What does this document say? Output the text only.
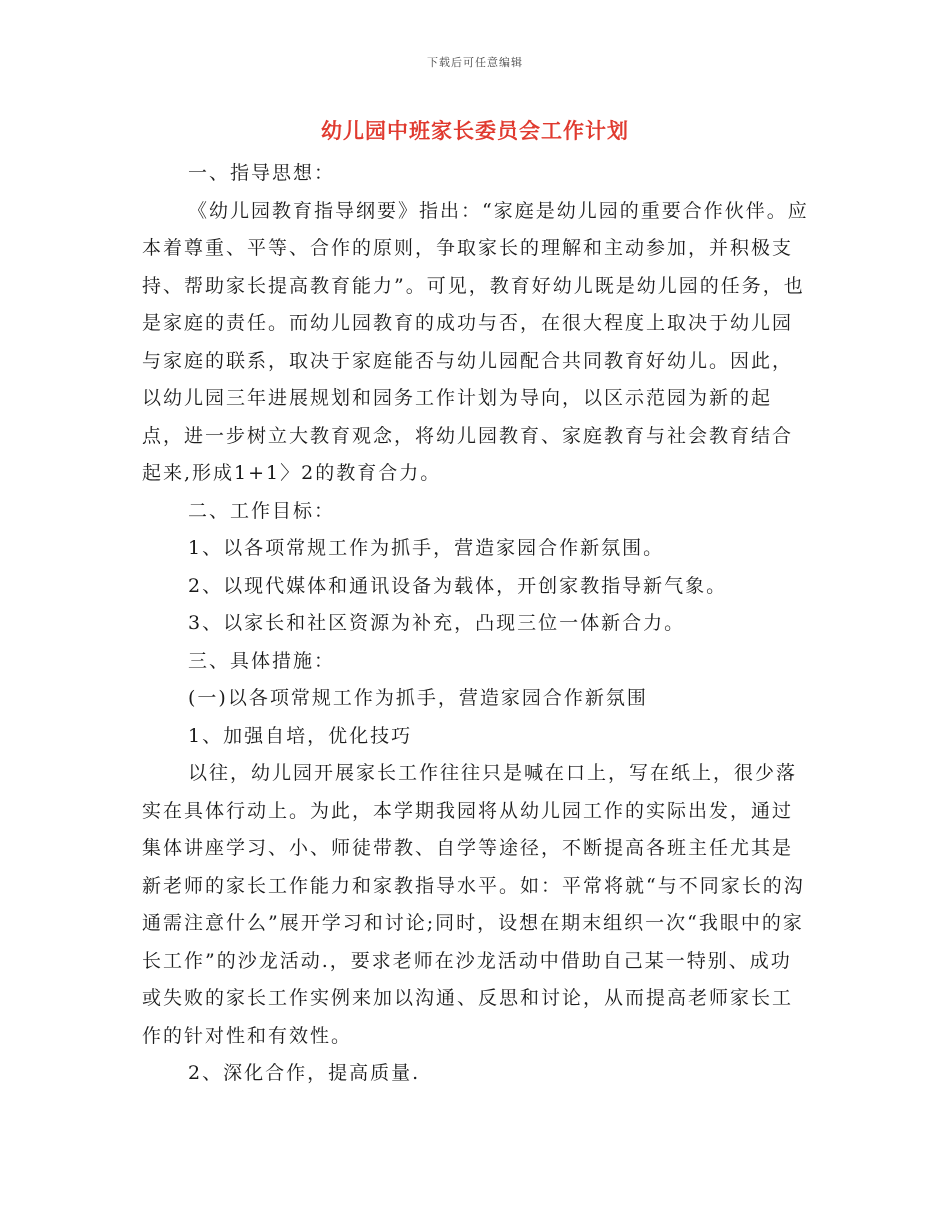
下载后可任意编辑
幼儿园中班家长委员会工作计划

一、指导思想：

《幼儿园教育指导纲要》指出：“家庭是幼儿园的重要合作伙伴。应本着尊重、平等、合作的原则，争取家长的理解和主动参加，并积极支持、帮助家长提高教育能力”。可见，教育好幼儿既是幼儿园的任务，也是家庭的责任。而幼儿园教育的成功与否，在很大程度上取决于幼儿园与家庭的联系，取决于家庭能否与幼儿园配合共同教育好幼儿。因此，以幼儿园三年进展规划和园务工作计划为导向，以区示范园为新的起点，进一步树立大教育观念，将幼儿园教育、家庭教育与社会教育结合起来,形成1+1〉2的教育合力。

二、工作目标：

1、以各项常规工作为抓手，营造家园合作新氛围。

2、以现代媒体和通讯设备为载体，开创家教指导新气象。

3、以家长和社区资源为补充，凸现三位一体新合力。

三、具体措施：

(一)以各项常规工作为抓手，营造家园合作新氛围

1、加强自培，优化技巧

以往，幼儿园开展家长工作往往只是喊在口上，写在纸上，很少落实在具体行动上。为此，本学期我园将从幼儿园工作的实际出发，通过集体讲座学习、小、师徒带教、自学等途径，不断提高各班主任尤其是新老师的家长工作能力和家教指导水平。如：平常将就“与不同家长的沟通需注意什么”展开学习和讨论;同时，设想在期末组织一次“我眼中的家长工作”的沙龙活动.，要求老师在沙龙活动中借助自己某一特别、成功或失败的家长工作实例来加以沟通、反思和讨论，从而提高老师家长工作的针对性和有效性。

2、深化合作，提高质量.
